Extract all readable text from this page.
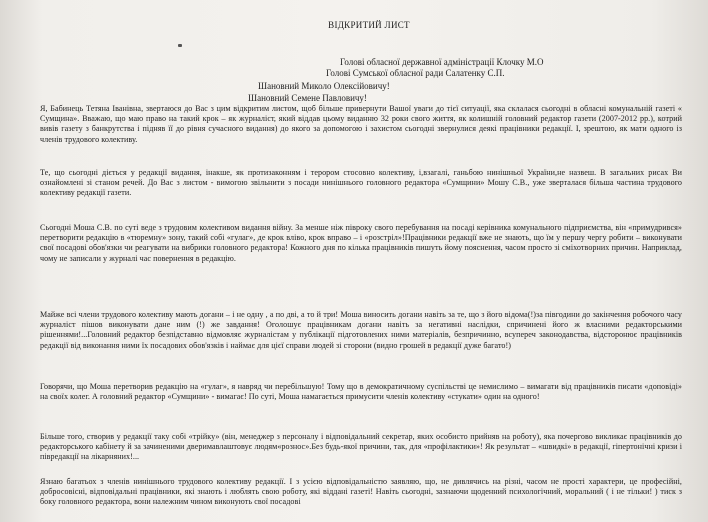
ВІДКРИТИЙ ЛИСТ
Голові обласної державної адміністрації Клочку М.О
Голові Сумської обласної ради Салатенку С.П.
Шановний Миколо Олексійовичу!
Шановний Семене Павловичу!
Я, Бабинець Тетяна Іванівна, звертаюся до Вас з цим відкритим листом, щоб більше привернути Вашої уваги до тієї ситуації, яка склалася сьогодні в обласні комунальній газеті « Сумщина». Вважаю, що маю право на такий крок – як журналіст, який віддав цьому виданню 32 роки свого життя, як колишній головний редактор газети (2007-2012 рр.), котрий вивів газету з банкрутства і підняв її до рівня сучасного видання) до якого за допомогою і захистом сьогодні звернулися деякі працівники редакції. І, зрештою, як мати одного із членів трудового колективу.
Те, що сьогодні діється у редакції видання, інакше, як протизаконням і терором стосовно колективу, і,взагалі, ганьбою нинішньої України,не назвеш. В загальних рисах Ви ознайомлені зі станом речей. До Вас з листом - вимогою звільнити з посади нинішнього головного редактора «Сумщини» Мошу С.В., уже зверталася більша частина трудового колективу редакції газети.
Сьогодні Моша С.В. по суті веде з трудовим колективом видання війну. За менше ніж півроку свого перебування на посаді керівника комунального підприємства, він «примудрився» перетворити редакцію в «тюремну» зону, такий собі «гулаг», де крок вліво, крок вправо – і «розстріл»!Працівники редакції вже не знають, що їм у першу чергу робити – виконувати свої посадові обов'язки чи реагувати на вибрики головного редактора! Кожного дня по кілька працівників пишуть йому пояснення, часом просто зі сміхотворних причин. Наприклад, чому не записали у журналі час повернення в редакцію.
Майже всі члени трудового колективу мають догани – і не одну , а по дві, а то й три! Моша виносить догани навіть за те, що з його відома(!)за півгодини до закінчення робочого часу журналіст пішов виконувати дане ним (!) же завдання! Оголошує працівникам догани навіть за негативні наслідки, спричинені його ж власними редакторськими рішеннями!...Головний редактор безпідставно відмовляє журналістам у публікації підготовлених ними матеріалів, безпричинно, всупереч законодавства, відсторонює працівників редакції від виконання ними їх посадових обов'язків і наймає для цієї справи людей зі сторони (видно грошей в редакції дуже багато!)
Говорячи, що Моша перетворив редакцію на «гулаг», я навряд чи перебільшую! Тому що в демократичному суспільстві це немислимо – вимагати від працівників писати «доповіді» на своїх колег. А головний редактор «Сумщини» - вимагає! По суті, Моша намагається примусити членів колективу «стукати» один на одного!
Більше того, створив у редакції таку собі «трійку» (він, менеджер з персоналу і відповідальний секретар, яких особисто прийняв на роботу), яка почергово викликає працівників до редакторського кабінету й за зачиненими дверимавлаштовує людям«рознос».Без будь-якої причини, так, для «профілактики»! Як результат – «швидкі» в редакції, гіпертонічні кризи і півредакції на лікарняних!...
Язнаю багатьох з членів нинішнього трудового колективу редакції. І з усією відповідальністю заявляю, що, не дивлячись на різні, часом не прості характери, це професійні, добросовісні, відповідальні працівники, які знають і люблять свою роботу, які віддані газеті! Навіть сьогодні, зазнаючи щоденний психологічний, моральний ( і не тільки! ) тиск з боку головного редактора, вони належним чином виконують свої посадові
